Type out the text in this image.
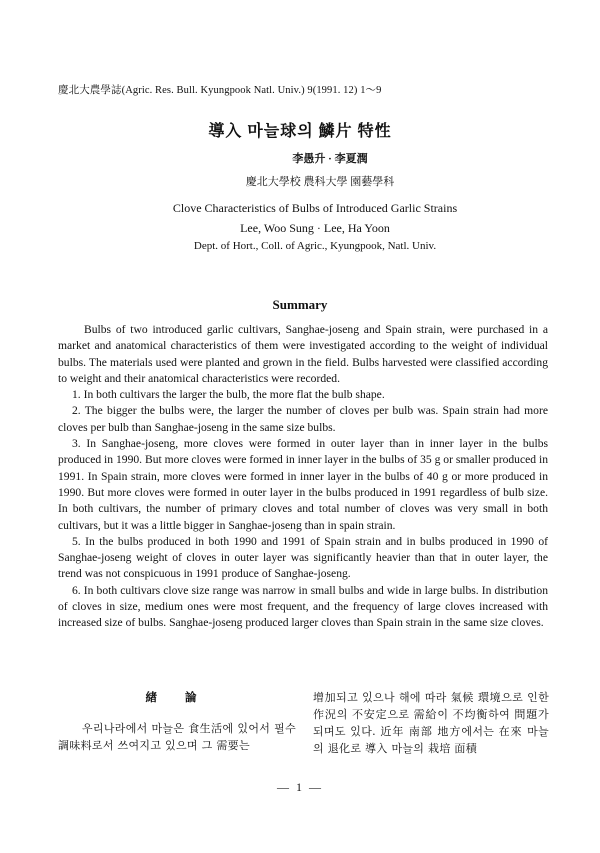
慶北大農學誌(Agric. Res. Bull. Kyungpook Natl. Univ.) 9(1991. 12) 1～9
導入 마늘球의 鱗片 特性
李愚升 · 李夏潤
慶北大學校 農科大學 園藝學科
Clove Characteristics of Bulbs of Introduced Garlic Strains
Lee, Woo Sung · Lee, Ha Yoon
Dept. of Hort., Coll. of Agric., Kyungpook, Natl. Univ.
Summary

Bulbs of two introduced garlic cultivars, Sanghae-joseng and Spain strain, were purchased in a market and anatomical characteristics of them were investigated according to the weight of individual bulbs. The materials used were planted and grown in the field. Bulbs harvested were classified according to weight and their anatomical characteristics were recorded.

1. In both cultivars the larger the bulb, the more flat the bulb shape.

2. The bigger the bulbs were, the larger the number of cloves per bulb was. Spain strain had more cloves per bulb than Sanghae-joseng in the same size bulbs.

3. In Sanghae-joseng, more cloves were formed in outer layer than in inner layer in the bulbs produced in 1990. But more cloves were formed in inner layer in the bulbs of 35 g or smaller produced in 1991. In Spain strain, more cloves were formed in inner layer in the bulbs of 40 g or more produced in 1990. But more cloves were formed in outer layer in the bulbs produced in 1991 regardless of bulb size. In both cultivars, the number of primary cloves and total number of cloves was very small in both cultivars, but it was a little bigger in Sanghae-joseng than in spain strain.

5. In the bulbs produced in both 1990 and 1991 of Spain strain and in bulbs produced in 1990 of Sanghae-joseng weight of cloves in outer layer was significantly heavier than that in outer layer, the trend was not conspicuous in 1991 produce of Sanghae-joseng.

6. In both cultivars clove size range was narrow in small bulbs and wide in large bulbs. In distribution of cloves in size, medium ones were most frequent, and the frequency of large cloves increased with increased size of bulbs. Sanghae-joseng produced larger cloves than Spain strain in the same size cloves.

緖 論

우리나라에서 마늘은 食生活에 있어서 필수 調味料로서 쓰여지고 있으며 그 需要는

增加되고 있으나 해에 따라 氣候 環境으로 인한 作況의 不安定으로 需給이 不均衡하여 問題가 되며도 있다. 近年 南部 地方에서는 在來 마늘의 退化로 導入 마늘의 栽培 面積

— 1 —
